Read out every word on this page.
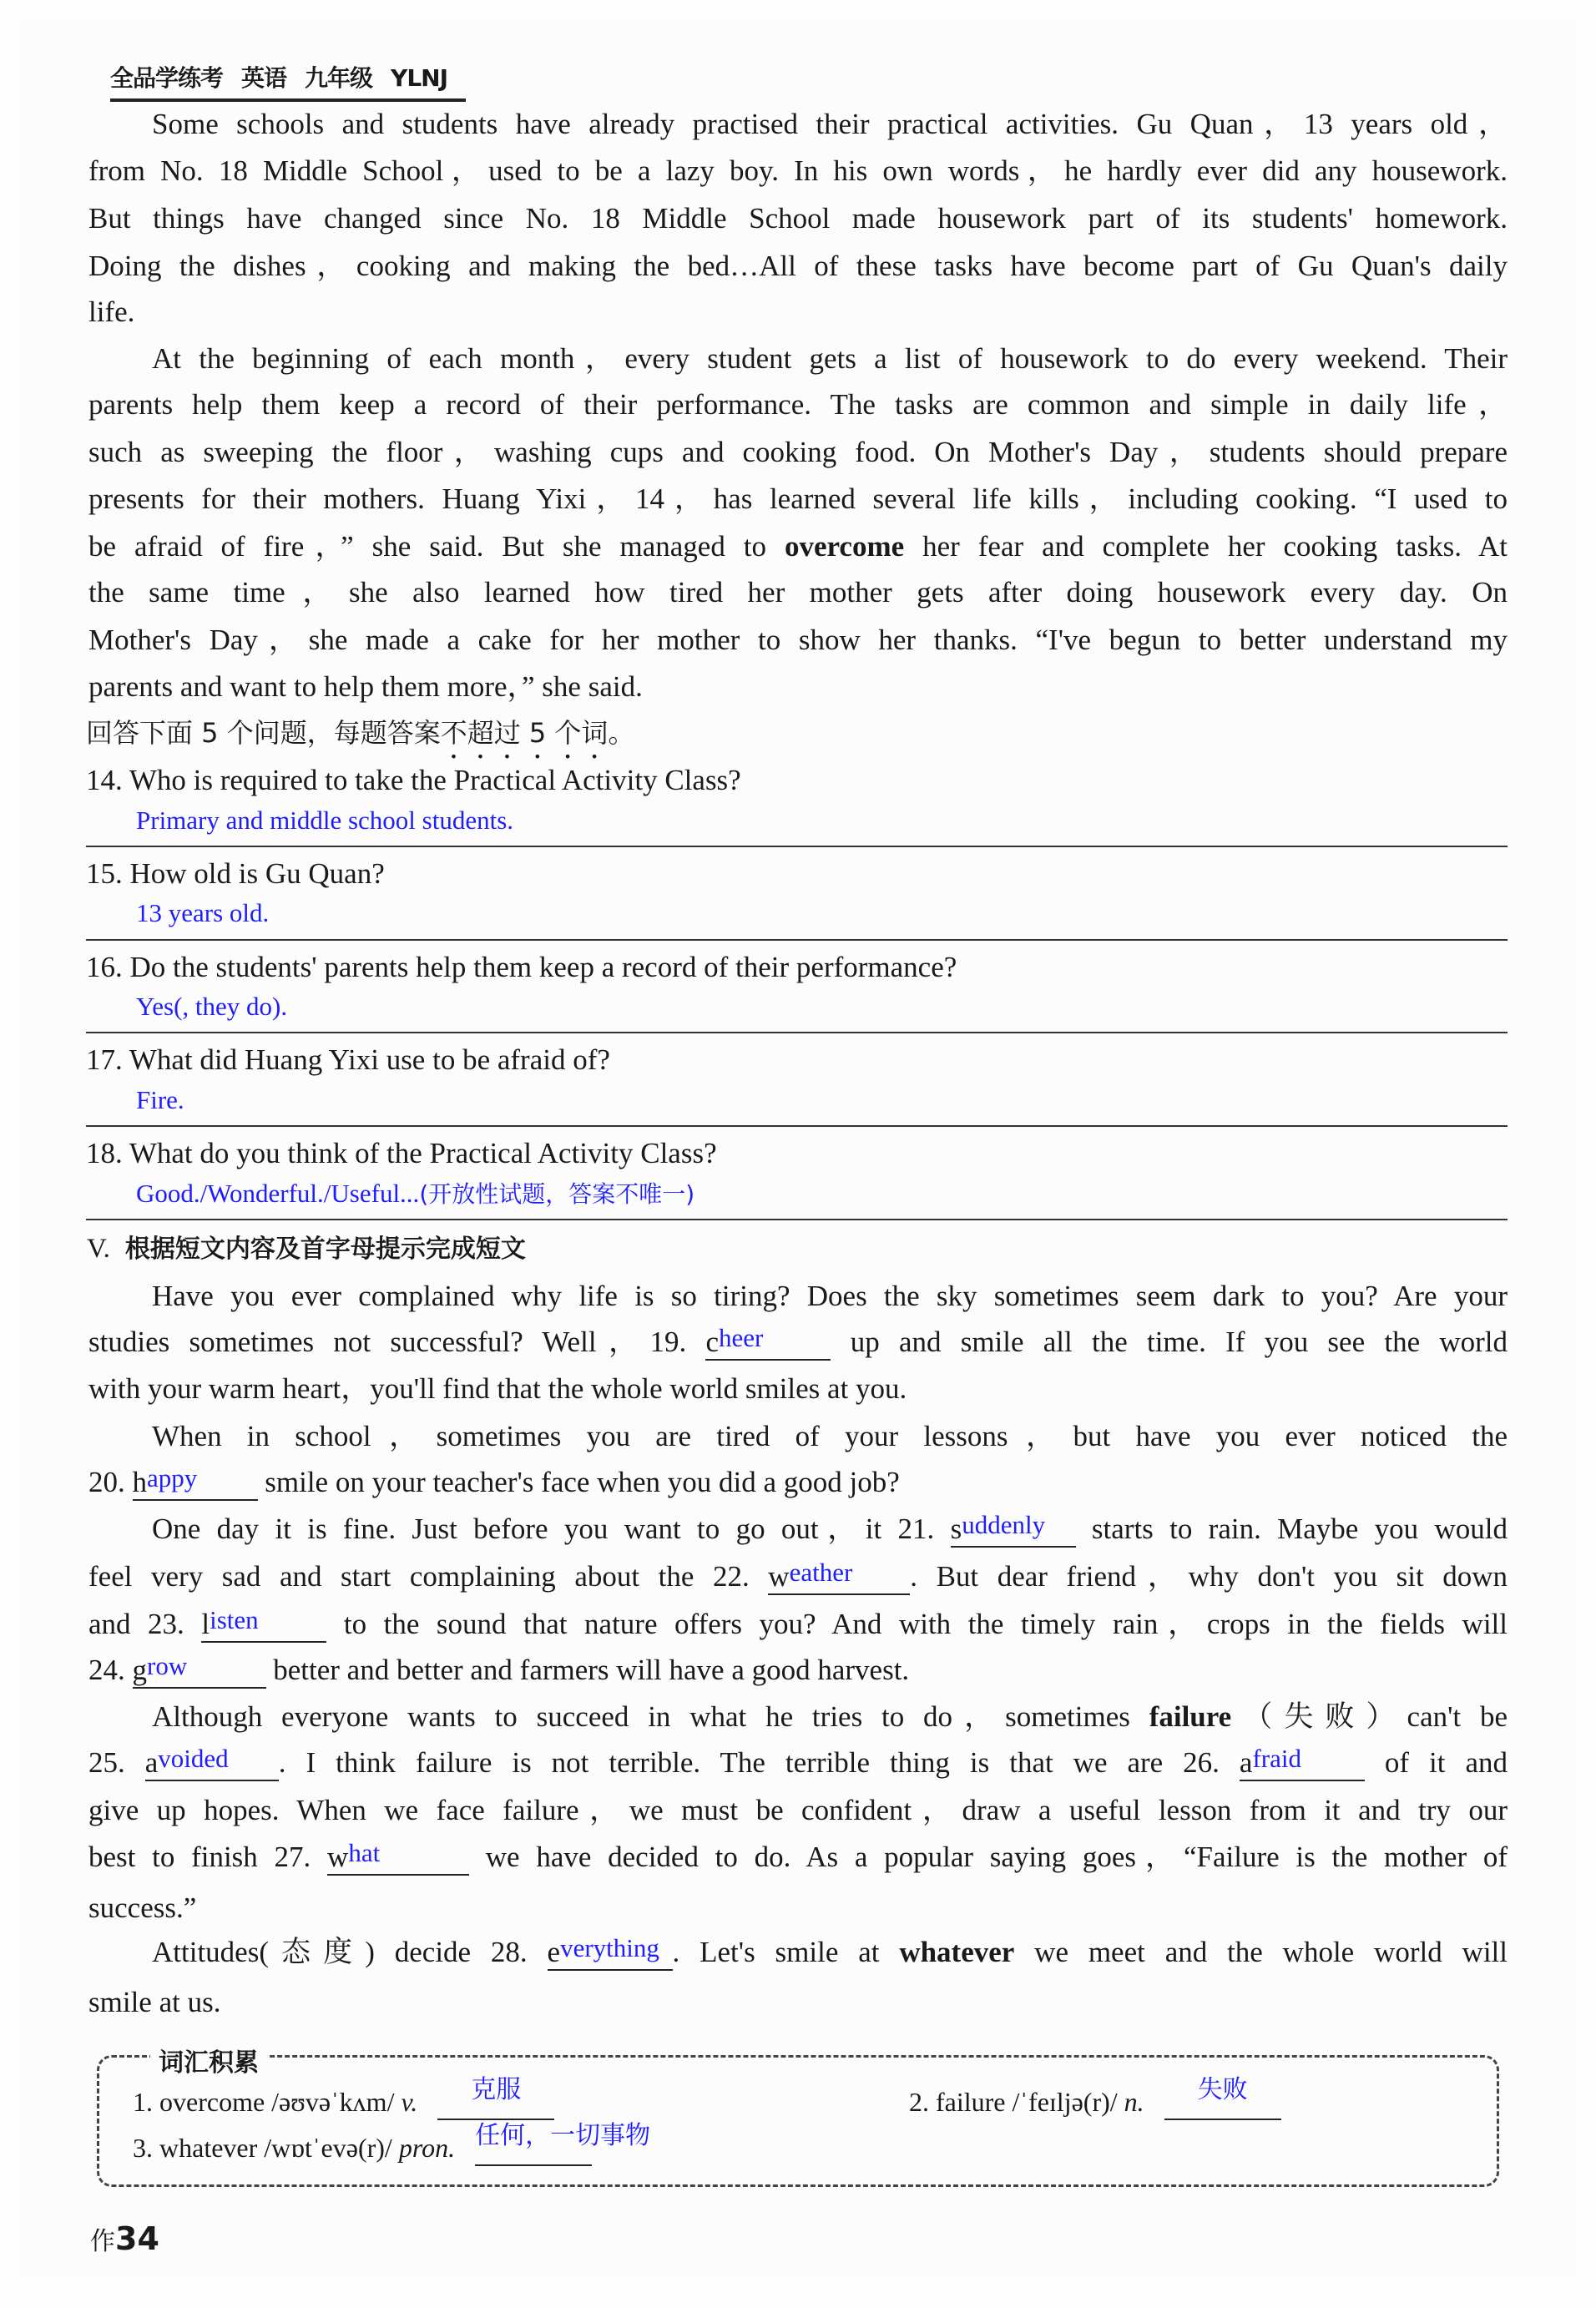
全品学练考 英语 九年级 YLNJ
Some schools and students have already practised their practical activities. Gu Quan，13 years old，
from No. 18 Middle School，used to be a lazy boy. In his own words，he hardly ever did any housework.
But things have changed since No. 18 Middle School made housework part of its students' homework.
Doing the dishes，cooking and making the bed…All of these tasks have become part of Gu Quan's daily
life.
At the beginning of each month，every student gets a list of housework to do every weekend. Their
parents help them keep a record of their performance. The tasks are common and simple in daily life，
such as sweeping the floor，washing cups and cooking food. On Mother's Day，students should prepare
presents for their mothers. Huang Yixi，14，has learned several life kills，including cooking. “I used to
be afraid of fire，” she said. But she managed to overcome her fear and complete her cooking tasks. At
the same time，she also learned how tired her mother gets after doing housework every day. On
Mother's Day，she made a cake for her mother to show her thanks. “I've begun to better understand my
parents and want to help them more，” she said.
回答下面 5 个问题，每题答案不超过 5 个词。
14. Who is required to take the Practical Activity Class?
Primary and middle school students.
15. How old is Gu Quan?
13 years old.
16. Do the students' parents help them keep a record of their performance?
Yes(, they do).
17. What did Huang Yixi use to be afraid of?
Fire.
18. What do you think of the Practical Activity Class?
Good./Wonderful./Useful...(开放性试题，答案不唯一)
V. 根据短文内容及首字母提示完成短文
Have you ever complained why life is so tiring? Does the sky sometimes seem dark to you? Are your
studies sometimes not successful? Well，19. cheer up and smile all the time. If you see the world
with your warm heart，you'll find that the whole world smiles at you.
When in school，sometimes you are tired of your lessons，but have you ever noticed the
20. happy smile on your teacher's face when you did a good job?
One day it is fine. Just before you want to go out，it 21. suddenly starts to rain. Maybe you would
feel very sad and start complaining about the 22. weather . But dear friend，why don't you sit down
and 23. listen to the sound that nature offers you? And with the timely rain，crops in the fields will
24. grow	better and better and farmers will have a good harvest.
Although everyone wants to succeed in what he tries to do，sometimes failure（失败）can't be
25. avoided . I think failure is not terrible. The terrible thing is that we are 26. afraid of it and
give up hopes. When we face failure，we must be confident，draw a useful lesson from it and try our
best to finish 27. what	we have decided to do. As a popular saying goes，“Failure is the mother of
success.”
Attitudes(态度) decide 28. everything . Let's smile at whatever we meet and the whole world will
smile at us.
词汇积累
1. overcome /əʊvəˈkʌm/ v. 克服	2. failure /ˈfeɪljə(r)/ n. 失败
3. whatever /wɒtˈevə(r)/ pron. 任何，一切事物
作34
